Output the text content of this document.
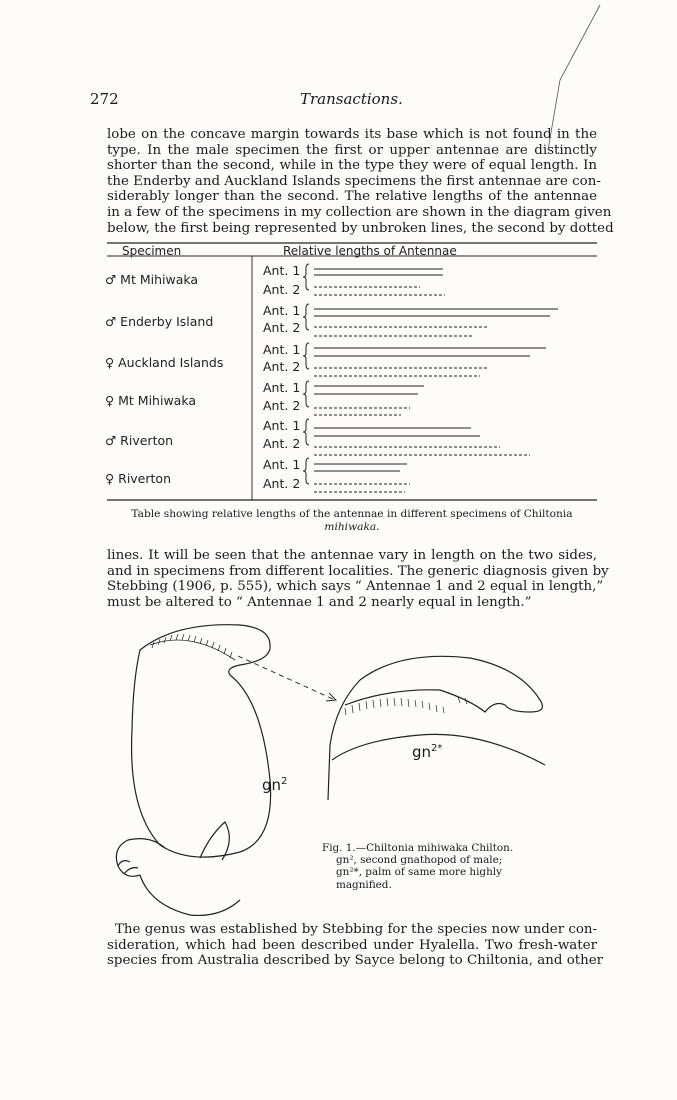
272	Transactions.
lobe on the concave margin towards its base which is not found in the
type. In the male specimen the first or upper antennae are distinctly
shorter than the second, while in the type they were of equal length. In
the Enderby and Auckland Islands specimens the first antennae are con-
siderably longer than the second. The relative lengths of the antennae
in a few of the specimens in my collection are shown in the diagram given
below, the first being represented by unbroken lines, the second by dotted
Specimen	Relative lengths of Antennae
♂ Mt Mihiwaka
♂ Enderby Island
♀ Auckland Islands
♀ Mt Mihiwaka
♂ Riverton
♀ Riverton
Ant. 1
Ant. 2
Ant. 1
Ant. 2
Ant. 1
Ant. 2
Ant. 1
Ant. 2
Ant. 1
Ant. 2
Ant. 1
Ant. 2
Table showing relative lengths of the antennae in different specimens of Chiltonia
mihiwaka.
lines. It will be seen that the antennae vary in length on the two sides,
and in specimens from different localities. The generic diagnosis given by
Stebbing (1906, p. 555), which says “ Antennae 1 and 2 equal in length,”
must be altered to “ Antennae 1 and 2 nearly equal in length.”
$gn^2$
$gn^{2*}$
Fig. 1.—Chiltonia mihiwaka Chilton.
gn², second gnathopod of male;
gn²*, palm of same more highly
magnified.
The genus was established by Stebbing for the species now under con-
sideration, which had been described under Hyalella. Two fresh-water
species from Australia described by Sayce belong to Chiltonia, and other
